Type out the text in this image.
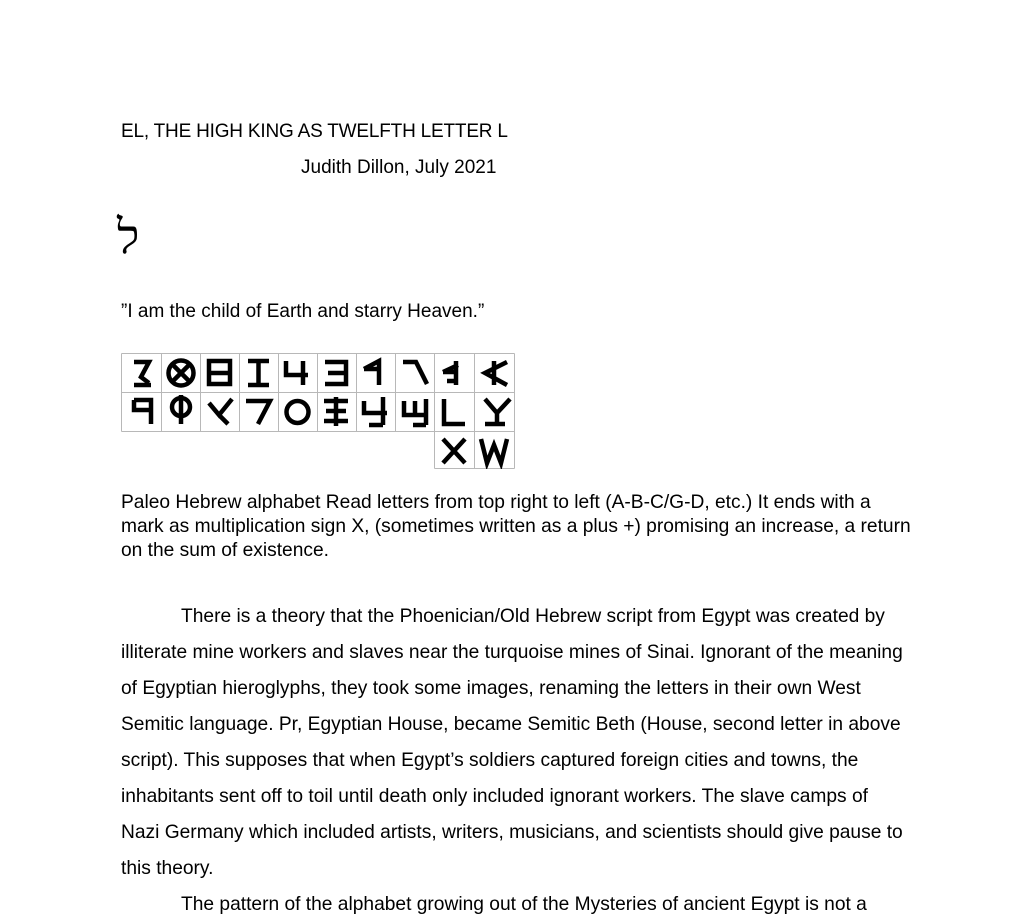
EL, THE HIGH KING AS TWELFTH LETTER L
Judith Dillon, July 2021
ל
”I am the child of Earth and starry Heaven.”
Paleo Hebrew alphabet Read letters from top right to left (A-B-C/G-D, etc.) It ends with a mark as multiplication sign X, (sometimes written as a plus +) promising an increase, a return on the sum of existence.

There is a theory that the Phoenician/Old Hebrew script from Egypt was created by illiterate mine workers and slaves near the turquoise mines of Sinai. Ignorant of the meaning of Egyptian hieroglyphs, they took some images, renaming the letters in their own West Semitic language. Pr, Egyptian House, became Semitic Beth (House, second letter in above script). This supposes that when Egypt’s soldiers captured foreign cities and towns, the inhabitants sent off to toil until death only included ignorant workers. The slave camps of Nazi Germany which included artists, writers, musicians, and scientists should give pause to this theory.

The pattern of the alphabet growing out of the Mysteries of ancient Egypt is not a
